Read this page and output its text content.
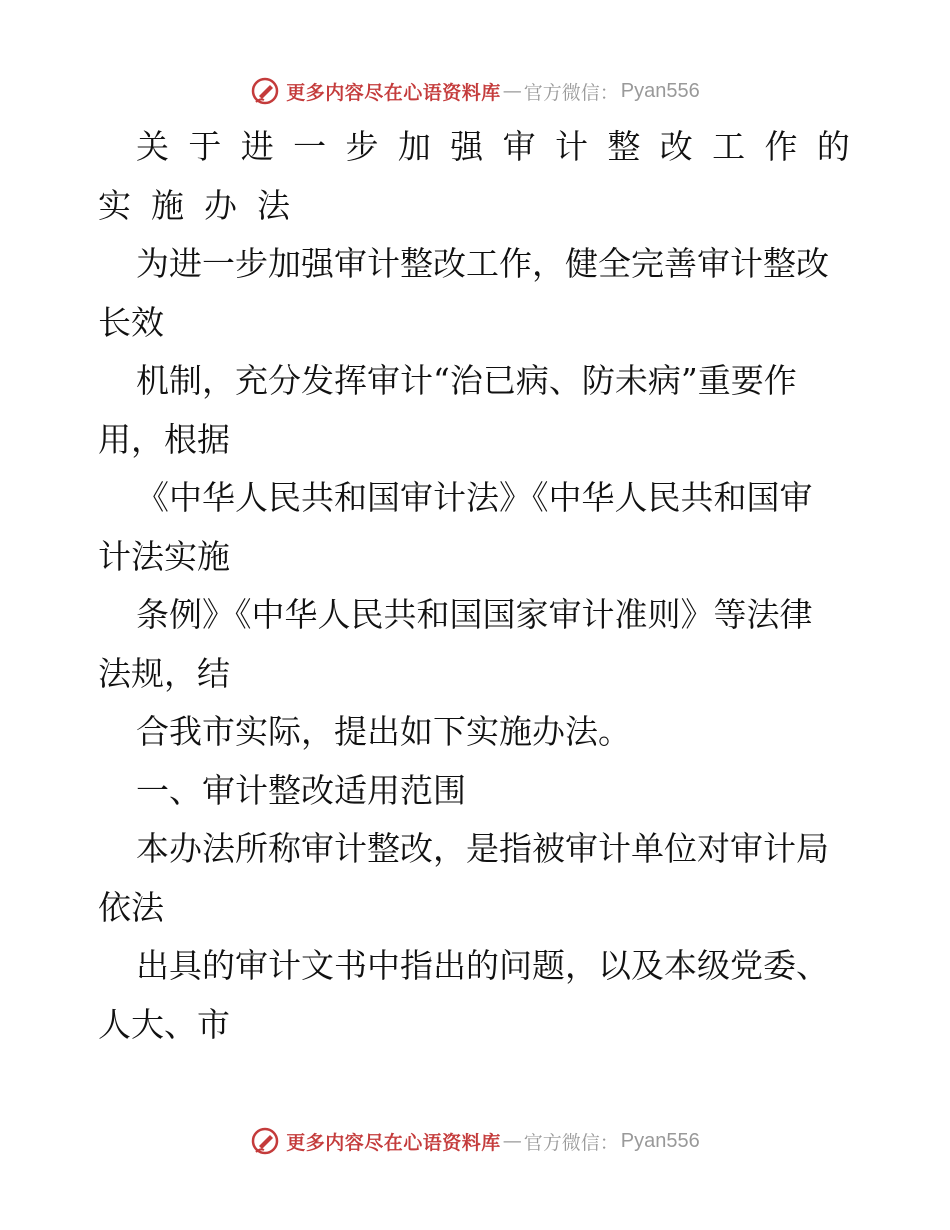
更多内容尽在心语资料库 — 官方微信： Pyan556
关 于 进 一 步 加 强 审 计 整 改 工 作 的
实施办法
为进一步加强审计整改工作，健全完善审计整改
长效
机制，充分发挥审计“治已病、防未病”重要作
用，根据
《中华人民共和国审计法》《中华人民共和国审
计法实施
条例》《中华人民共和国国家审计准则》等法律
法规，结
合我市实际，提出如下实施办法。
一、审计整改适用范围
本办法所称审计整改，是指被审计单位对审计局
依法
出具的审计文书中指出的问题，以及本级党委、
人大、市
更多内容尽在心语资料库 — 官方微信： Pyan556
